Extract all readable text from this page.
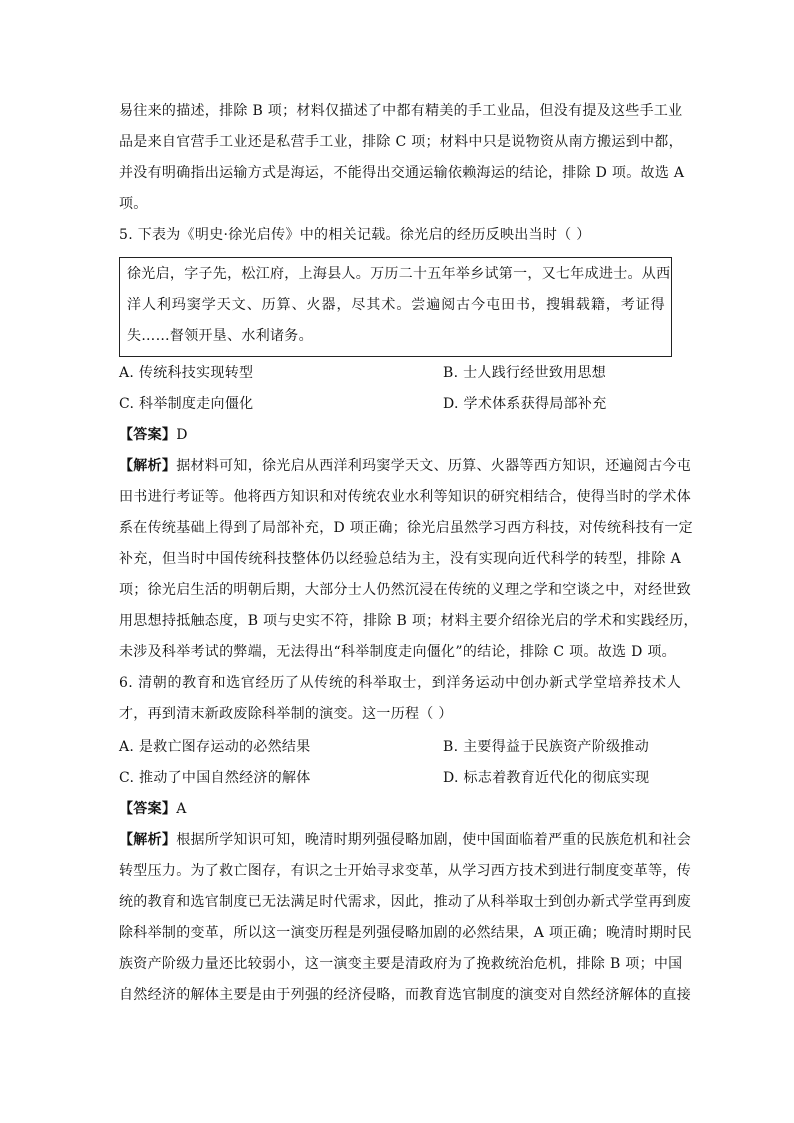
易往来的描述，排除 B 项；材料仅描述了中都有精美的手工业品，但没有提及这些手工业
品是来自官营手工业还是私营手工业，排除 C 项；材料中只是说物资从南方搬运到中都，
并没有明确指出运输方式是海运，不能得出交通运输依赖海运的结论，排除 D 项。故选 A
项。
5. 下表为《明史·徐光启传》中的相关记载。徐光启的经历反映出当时（ ）
徐光启，字子先，松江府，上海县人。万历二十五年举乡试第一，又七年成进士。从西
洋人利玛窦学天文、历算、火器，尽其术。尝遍阅古今屯田书，搜辑载籍，考证得
失……督领开垦、水利诸务。
A. 传统科技实现转型	B. 士人践行经世致用思想
C. 科举制度走向僵化	D. 学术体系获得局部补充
【答案】D
【解析】据材料可知，徐光启从西洋利玛窦学天文、历算、火器等西方知识，还遍阅古今屯
田书进行考证等。他将西方知识和对传统农业水利等知识的研究相结合，使得当时的学术体
系在传统基础上得到了局部补充，D 项正确；徐光启虽然学习西方科技，对传统科技有一定
补充，但当时中国传统科技整体仍以经验总结为主，没有实现向近代科学的转型，排除 A
项；徐光启生活的明朝后期，大部分士人仍然沉浸在传统的义理之学和空谈之中，对经世致
用思想持抵触态度，B 项与史实不符，排除 B 项；材料主要介绍徐光启的学术和实践经历，
未涉及科举考试的弊端，无法得出“科举制度走向僵化”的结论，排除 C 项。故选 D 项。
6. 清朝的教育和选官经历了从传统的科举取士，到洋务运动中创办新式学堂培养技术人
才，再到清末新政废除科举制的演变。这一历程（ ）
A. 是救亡图存运动的必然结果	B. 主要得益于民族资产阶级推动
C. 推动了中国自然经济的解体	D. 标志着教育近代化的彻底实现
【答案】A
【解析】根据所学知识可知，晚清时期列强侵略加剧，使中国面临着严重的民族危机和社会
转型压力。为了救亡图存，有识之士开始寻求变革，从学习西方技术到进行制度变革等，传
统的教育和选官制度已无法满足时代需求，因此，推动了从科举取士到创办新式学堂再到废
除科举制的变革，所以这一演变历程是列强侵略加剧的必然结果，A 项正确；晚清时期时民
族资产阶级力量还比较弱小，这一演变主要是清政府为了挽救统治危机，排除 B 项；中国
自然经济的解体主要是由于列强的经济侵略，而教育选官制度的演变对自然经济解体的直接
